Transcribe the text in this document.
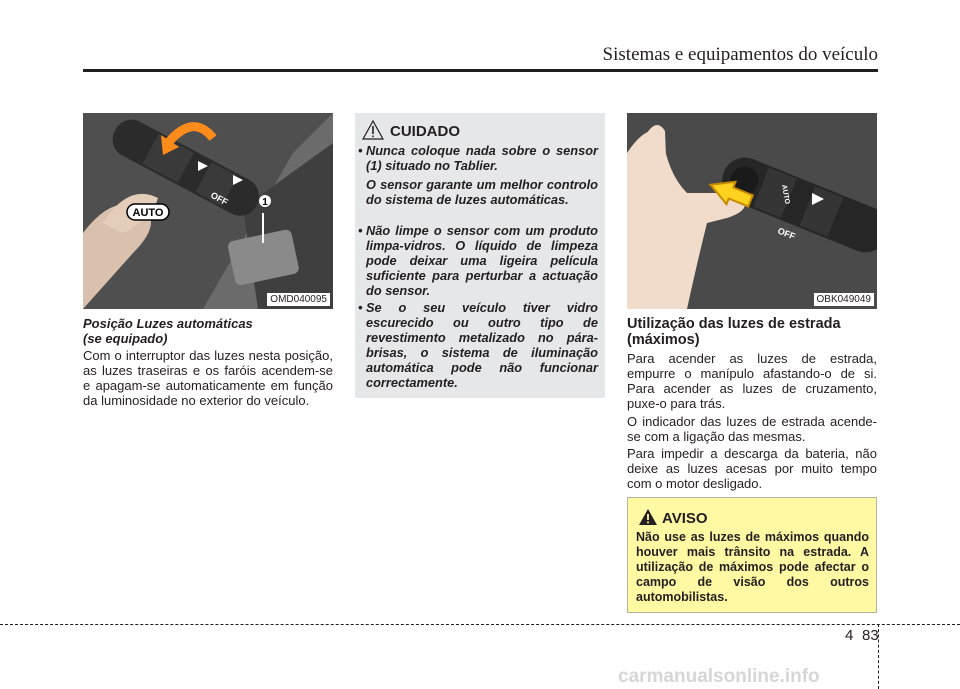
Sistemas e equipamentos do veículo
OFF	1
AUTO
OMD040095
Posição Luzes automáticas
(se equipado)
Com o interruptor das luzes nesta posição, as luzes traseiras e os faróis acendem-se e apagam-se automaticamente em função da luminosidade no exterior do veículo.
CUIDADO
• Nunca coloque nada sobre o sensor (1) situado no Tablier.

O sensor garante um melhor controlo do sistema de luzes automáticas.

• Não limpe o sensor com um produto limpa-vidros. O líquido de limpeza pode deixar uma ligeira película suficiente para perturbar a actuação do sensor.

• Se o seu veículo tiver vidro escurecido ou outro tipo de revestimento metalizado no pára-brisas, o sistema de iluminação automática pode não funcionar correctamente.

OFF
AUTO
OBK049049
Utilização das luzes de estrada
(máximos)
Para acender as luzes de estrada, empurre o manípulo afastando-o de si. Para acender as luzes de cruzamento, puxe-o para trás.
O indicador das luzes de estrada acende-se com a ligação das mesmas.
Para impedir a descarga da bateria, não deixe as luzes acesas por muito tempo com o motor desligado.
AVISO
Não use as luzes de máximos quando houver mais trânsito na estrada. A utilização de máximos pode afectar o campo de visão dos outros automobilistas.
4 83
carmanualsonline.info
